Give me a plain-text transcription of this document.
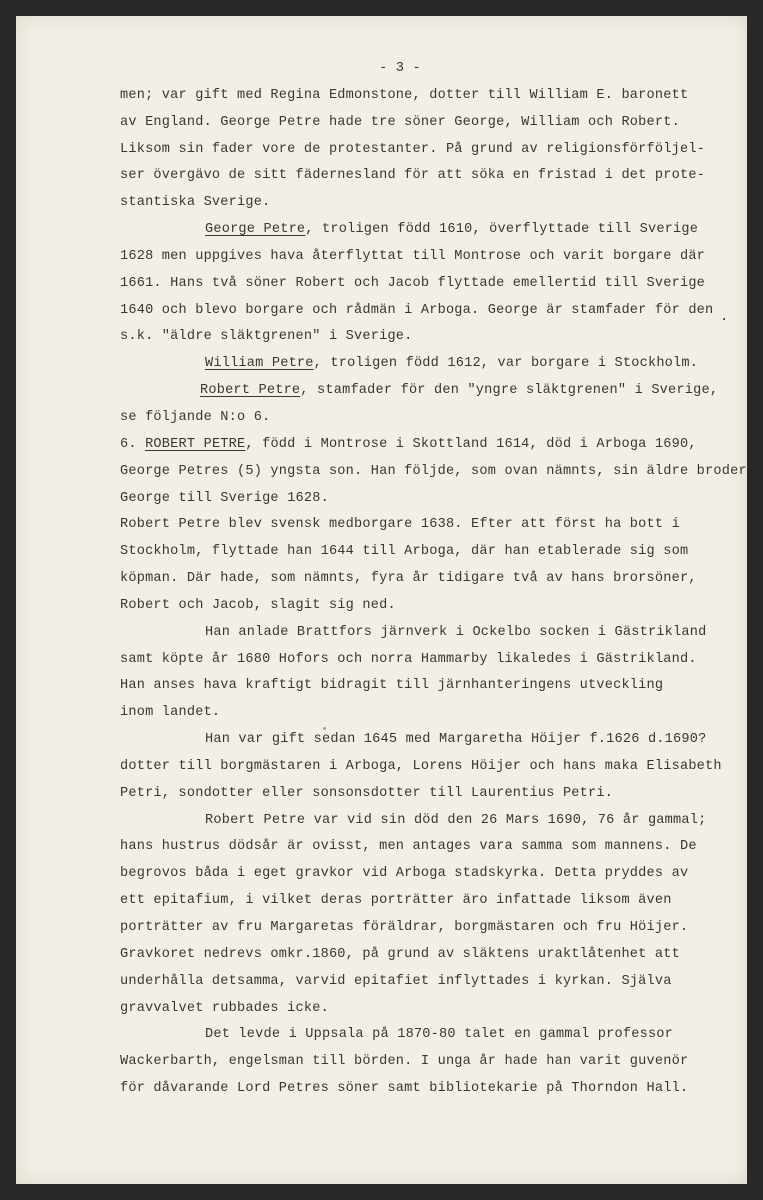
- 3 -
men; var gift med Regina Edmonstone, dotter till William E. baronett
av England. George Petre hade tre söner George, William och Robert.
Liksom sin fader vore de protestanter. På grund av religionsförföljel-
ser övergävo de sitt fädernesland för att söka en fristad i det prote-
stantiska Sverige.
George Petre, troligen född 1610, överflyttade till Sverige
1628 men uppgives hava återflyttat till Montrose och varit borgare där
1661. Hans två söner Robert och Jacob flyttade emellertid till Sverige
1640 och blevo borgare och rådmän i Arboga. George är stamfader för den
s.k. "äldre släktgrenen" i Sverige.
William Petre, troligen född 1612, var borgare i Stockholm.
Robert Petre, stamfader för den "yngre släktgrenen" i Sverige,
se följande N:o 6.
6. ROBERT PETRE, född i Montrose i Skottland 1614, död i Arboga 1690,
George Petres (5) yngsta son. Han följde, som ovan nämnts, sin äldre broder
George till Sverige 1628.
Robert Petre blev svensk medborgare 1638. Efter att först ha bott i
Stockholm, flyttade han 1644 till Arboga, där han etablerade sig som
köpman. Där hade, som nämnts, fyra år tidigare två av hans brorsöner,
Robert och Jacob, slagit sig ned.
Han anlade Brattfors järnverk i Ockelbo socken i Gästrikland
samt köpte år 1680 Hofors och norra Hammarby likaledes i Gästrikland.
Han anses hava kraftigt bidragit till järnhanteringens utveckling
inom landet.
Han var gift sedan 1645 med Margaretha Höijer f.1626 d.1690?
dotter till borgmästaren i Arboga, Lorens Höijer och hans maka Elisabeth
Petri, sondotter eller sonsonsdotter till Laurentius Petri.
Robert Petre var vid sin död den 26 Mars 1690, 76 år gammal;
hans hustrus dödsår är ovisst, men antages vara samma som mannens. De
begrovos båda i eget gravkor vid Arboga stadskyrka. Detta pryddes av
ett epitafium, i vilket deras porträtter äro infattade liksom även
porträtter av fru Margaretas föräldrar, borgmästaren och fru Höijer.
Gravkoret nedrevs omkr.1860, på grund av släktens uraktlåtenhet att
underhålla detsamma, varvid epitafiet inflyttades i kyrkan. Själva
gravvalvet rubbades icke.
Det levde i Uppsala på 1870-80 talet en gammal professor
Wackerbarth, engelsman till börden. I unga år hade han varit guvenör
för dåvarande Lord Petres söner samt bibliotekarie på Thorndon Hall.
·
